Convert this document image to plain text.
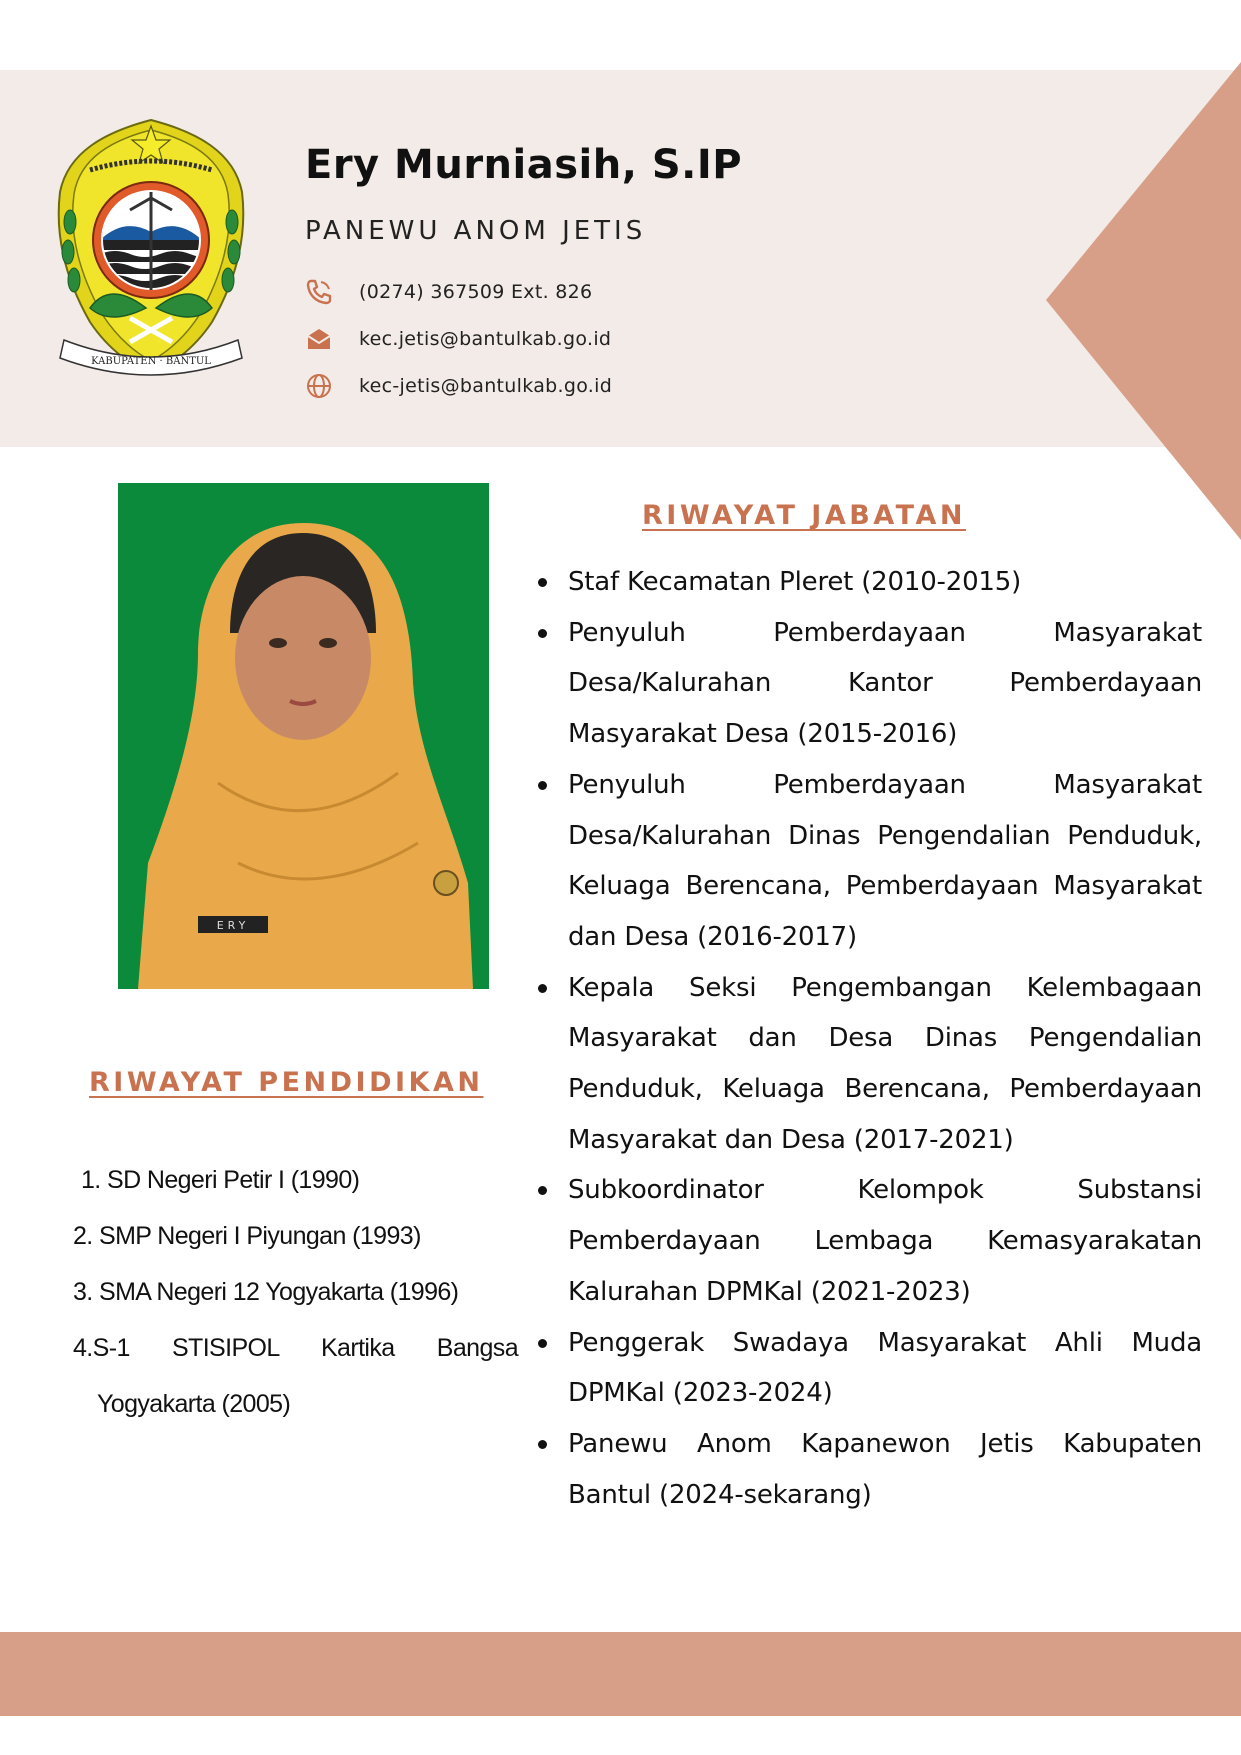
KABUPATEN · BANTUL
Ery Murniasih, S.IP
PANEWU ANOM JETIS
(0274) 367509 Ext. 826
kec.jetis@bantulkab.go.id
kec-jetis@bantulkab.go.id
ERY
RIWAYAT JABATAN
RIWAYAT PENDIDIKAN
1. SD Negeri Petir I (1990)
2. SMP Negeri I Piyungan (1993)
3. SMA Negeri 12 Yogyakarta (1996)
4.S-1 STISIPOL Kartika Bangsa Yogyakarta (2005)
Staf Kecamatan Pleret (2010-2015)
Penyuluh Pemberdayaan Masyarakat Desa/Kalurahan Kantor Pemberdayaan Masyarakat Desa (2015-2016)
Penyuluh Pemberdayaan Masyarakat Desa/Kalurahan Dinas Pengendalian Penduduk, Keluaga Berencana, Pemberdayaan Masyarakat dan Desa (2016-2017)
Kepala Seksi Pengembangan Kelembagaan Masyarakat dan Desa Dinas Pengendalian Penduduk, Keluaga Berencana, Pemberdayaan Masyarakat dan Desa (2017-2021)
Subkoordinator Kelompok Substansi Pemberdayaan Lembaga Kemasyarakatan Kalurahan DPMKal (2021-2023)
Penggerak Swadaya Masyarakat Ahli Muda DPMKal (2023-2024)
Panewu Anom Kapanewon Jetis Kabupaten Bantul (2024-sekarang)
